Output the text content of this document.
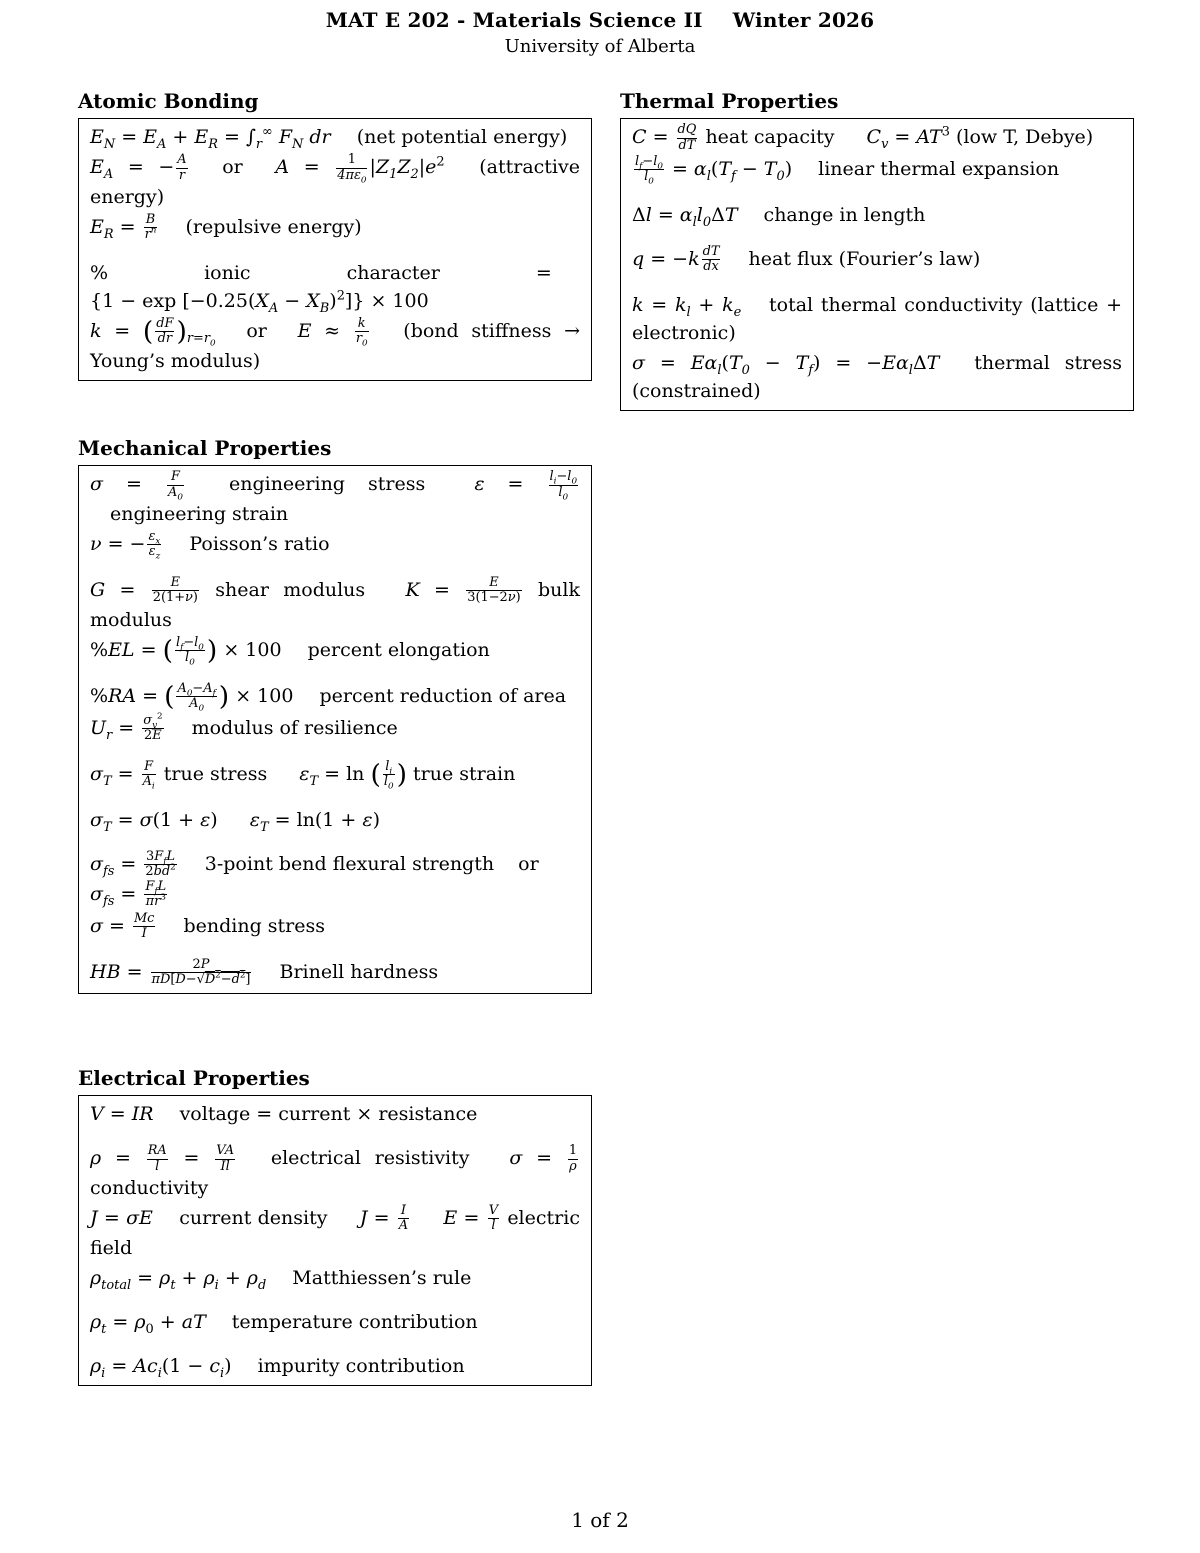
MAT E 202 - Materials Science II Winter 2026
University of Alberta
Atomic Bonding
$E_N = E_A + E_R = \int_r^\infty$ $F_N$ dr (net potential energy)
$E_A$ = − $\frac{A}{r}$ or $A = \frac{1}{4\pi\varepsilon_0} |Z_1Z_2|e^2$ (attractive energy)
$E_R = \frac{B}{r^n}$ (repulsive energy)
% ionic character =
$\{1 - \exp [-0.25(X_A - X_B)^2]\} \times 100$
k = ( $\frac{dF}{dr} )_{r=r_0}$ or $E \approx \frac{k}{r_0}$ (bond stiffness → Young’s modulus)
Thermal Properties
$C = \frac{dQ}{dT}$ heat capacity $C_v = AT^3$ (low T, Debye)
$\frac{l_f-l_0}{l_0} = \alpha_l(T_f - T_0)$ linear thermal expansion
$\Delta l = \alpha_ll_0\Delta T$ change in length
$q = -k \frac{dT}{dx}$ heat flux (Fourier’s law)
$k = k_l + k_e$ total thermal conductivity (lattice + electronic)
$\sigma = E\alpha_l(T_0 - T_f) = -E\alpha_l\Delta T$ thermal stress (constrained)
Mechanical Properties
$\sigma = \frac{F}{A_0}$ engineering stress	$\varepsilon = \frac{l_i-l_0}{l_0}$
engineering strain
ν = − $\frac{\varepsilon_x}{\varepsilon_z}$ Poisson’s ratio
$G = \frac{E}{2(1+\nu)}$ shear modulus $K = \frac{E}{3(1-2\nu)}$ bulk modulus
%EL = ( $\frac{l_f-l_0}{l_0}$ ) × 100 percent elongation
%RA = ( $\frac{A_0-A_f}{A_0}$ ) × 100 percent reduction of area
$U_r = \frac{\sigma_y^2}{2E}$ modulus of resilience
$\sigma_T = \frac{F}{A_i}$ true stress $\varepsilon_T = \ln$ ( $\frac{l_i}{l_0}$ ) true strain
$\sigma_T = \sigma(1 + \varepsilon) \varepsilon_T = \ln(1 + \varepsilon)$
$\sigma_{fs} = \frac{3F_fL}{2bd^2}$ 3-point bend flexural strength or
$\sigma_{fs} = \frac{F_fL}{\pi r^3}$
$\sigma = \frac{Mc}{I}$ bending stress
HB = $\frac{2P}{\pi D[D-√D^2-d^2]}$ Brinell hardness
Electrical Properties
V = IR voltage = current × resistance
$\rho = \frac{RA}{l} = \frac{VA}{Il}$ electrical resistivity $\sigma = \frac{1}{\rho}$
conductivity
J = σE current density $J = \frac{I}{A}$ $E = \frac{V}{l}$ electric field
$\rho_{total} = \rho_t + \rho_i + \rho_d$ Matthiessen’s rule
$\rho_t = \rho_0$ + aT temperature contribution
$\rho_i = Ac_i(1 - c_i)$ impurity contribution
1 of 2
